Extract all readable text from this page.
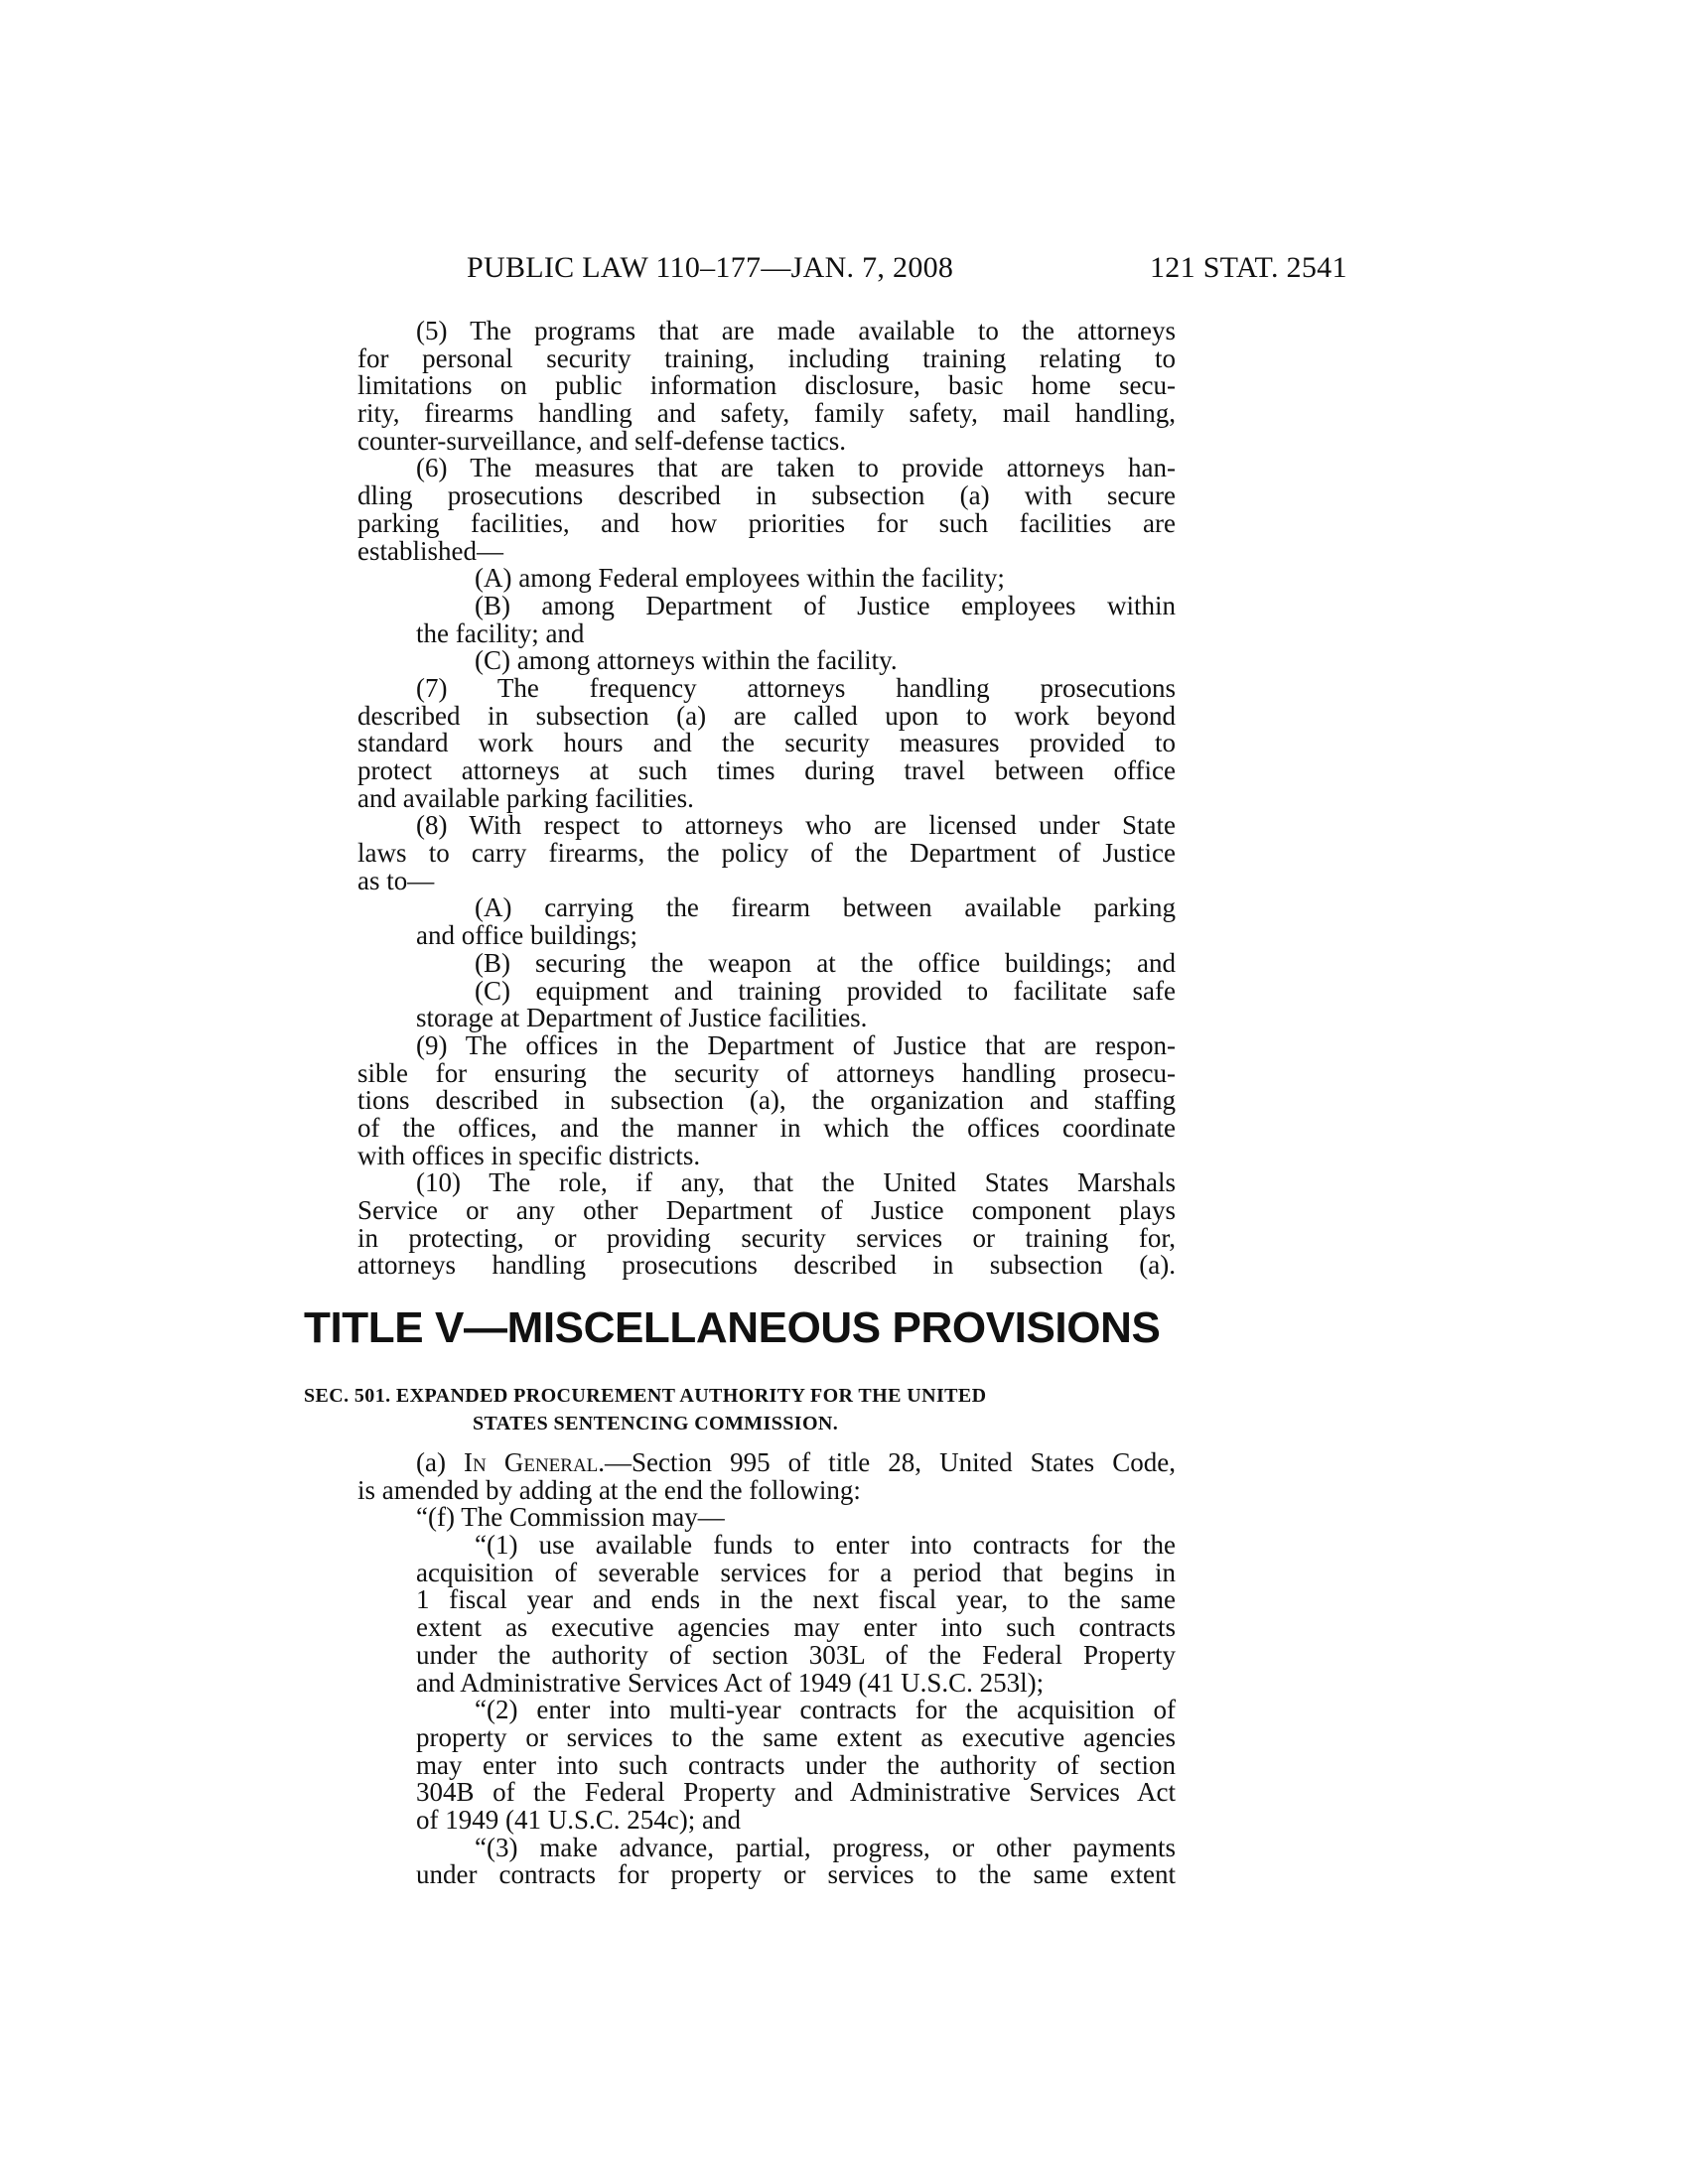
PUBLIC LAW 110–177—JAN. 7, 2008	121 STAT. 2541
(5) The programs that are made available to the attorneys
for personal security training, including training relating to
limitations on public information disclosure, basic home secu-
rity, firearms handling and safety, family safety, mail handling,
counter-surveillance, and self-defense tactics.
(6) The measures that are taken to provide attorneys han-
dling prosecutions described in subsection (a) with secure
parking facilities, and how priorities for such facilities are
established—
(A) among Federal employees within the facility;
(B) among Department of Justice employees within
the facility; and
(C) among attorneys within the facility.
(7) The frequency attorneys handling prosecutions
described in subsection (a) are called upon to work beyond
standard work hours and the security measures provided to
protect attorneys at such times during travel between office
and available parking facilities.
(8) With respect to attorneys who are licensed under State
laws to carry firearms, the policy of the Department of Justice
as to—
(A) carrying the firearm between available parking
and office buildings;
(B) securing the weapon at the office buildings; and
(C) equipment and training provided to facilitate safe
storage at Department of Justice facilities.
(9) The offices in the Department of Justice that are respon-
sible for ensuring the security of attorneys handling prosecu-
tions described in subsection (a), the organization and staffing
of the offices, and the manner in which the offices coordinate
with offices in specific districts.
(10) The role, if any, that the United States Marshals
Service or any other Department of Justice component plays
in protecting, or providing security services or training for,
attorneys handling prosecutions described in subsection (a).
TITLE V—MISCELLANEOUS PROVISIONS
SEC. 501. EXPANDED PROCUREMENT AUTHORITY FOR THE UNITED
STATES SENTENCING COMMISSION.
(a) In General.—Section 995 of title 28, United States Code,
is amended by adding at the end the following:
“(f) The Commission may—
“(1) use available funds to enter into contracts for the
acquisition of severable services for a period that begins in
1 fiscal year and ends in the next fiscal year, to the same
extent as executive agencies may enter into such contracts
under the authority of section 303L of the Federal Property
and Administrative Services Act of 1949 (41 U.S.C. 253l);
“(2) enter into multi-year contracts for the acquisition of
property or services to the same extent as executive agencies
may enter into such contracts under the authority of section
304B of the Federal Property and Administrative Services Act
of 1949 (41 U.S.C. 254c); and
“(3) make advance, partial, progress, or other payments
under contracts for property or services to the same extent
